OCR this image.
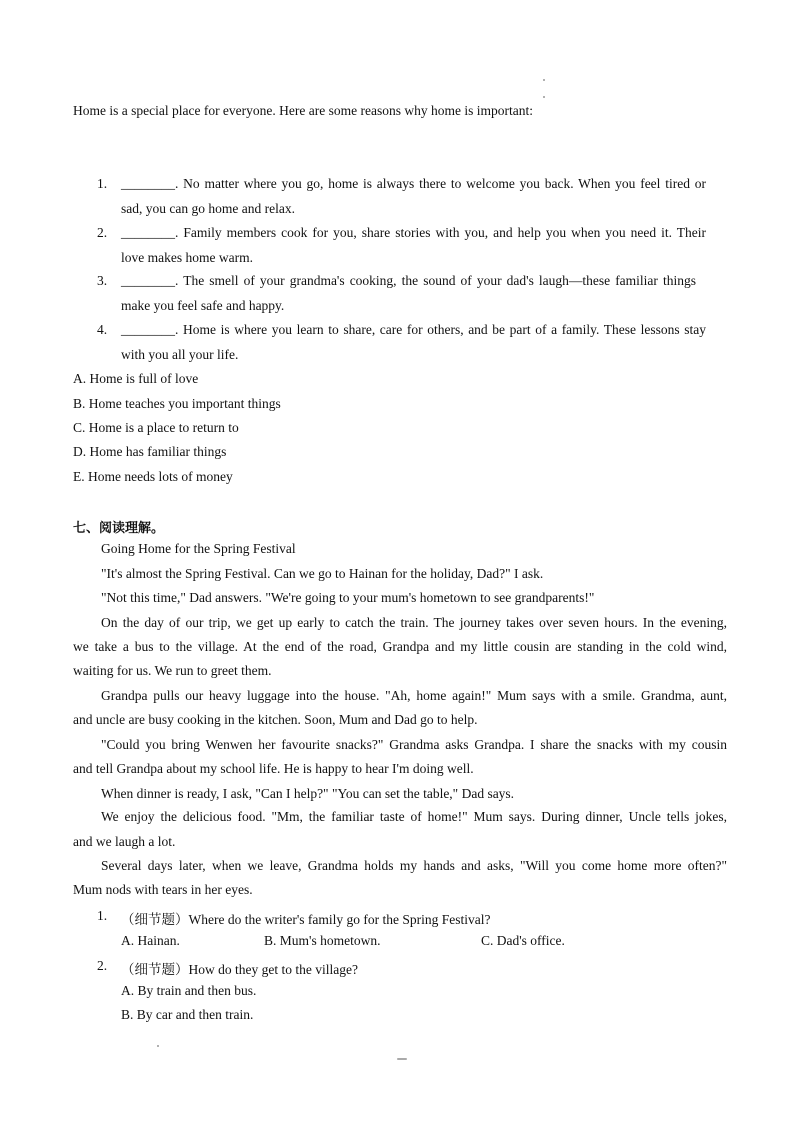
Home is a special place for everyone. Here are some reasons why home is important:
1. ________. No matter where you go, home is always there to welcome you back. When you feel tired or
sad, you can go home and relax.
2. ________. Family members cook for you, share stories with you, and help you when you need it. Their
love makes home warm.
3. ________. The smell of your grandma's cooking, the sound of your dad's laugh—these familiar things
make you feel safe and happy.
4. ________. Home is where you learn to share, care for others, and be part of a family. These lessons stay
with you all your life.
A. Home is full of love
B. Home teaches you important things
C. Home is a place to return to
D. Home has familiar things
E. Home needs lots of money
七、阅读理解。
Going Home for the Spring Festival
"It's almost the Spring Festival. Can we go to Hainan for the holiday, Dad?" I ask.
"Not this time," Dad answers. "We're going to your mum's hometown to see grandparents!"
On the day of our trip, we get up early to catch the train. The journey takes over seven hours. In the evening,
we take a bus to the village. At the end of the road, Grandpa and my little cousin are standing in the cold wind,
waiting for us. We run to greet them.
Grandpa pulls our heavy luggage into the house. "Ah, home again!" Mum says with a smile. Grandma, aunt,
and uncle are busy cooking in the kitchen. Soon, Mum and Dad go to help.
"Could you bring Wenwen her favourite snacks?" Grandma asks Grandpa. I share the snacks with my cousin
and tell Grandpa about my school life. He is happy to hear I'm doing well.
When dinner is ready, I ask, "Can I help?" "You can set the table," Dad says.
We enjoy the delicious food. "Mm, the familiar taste of home!" Mum says. During dinner, Uncle tells jokes,
and we laugh a lot.
Several days later, when we leave, Grandma holds my hands and asks, "Will you come home more often?"
Mum nods with tears in her eyes.
1. （细节题）Where do the writer's family go for the Spring Festival?
A. Hainan.	B. Mum's hometown.	C. Dad's office.
2. （细节题）How do they get to the village?
A. By train and then bus.
B. By car and then train.
